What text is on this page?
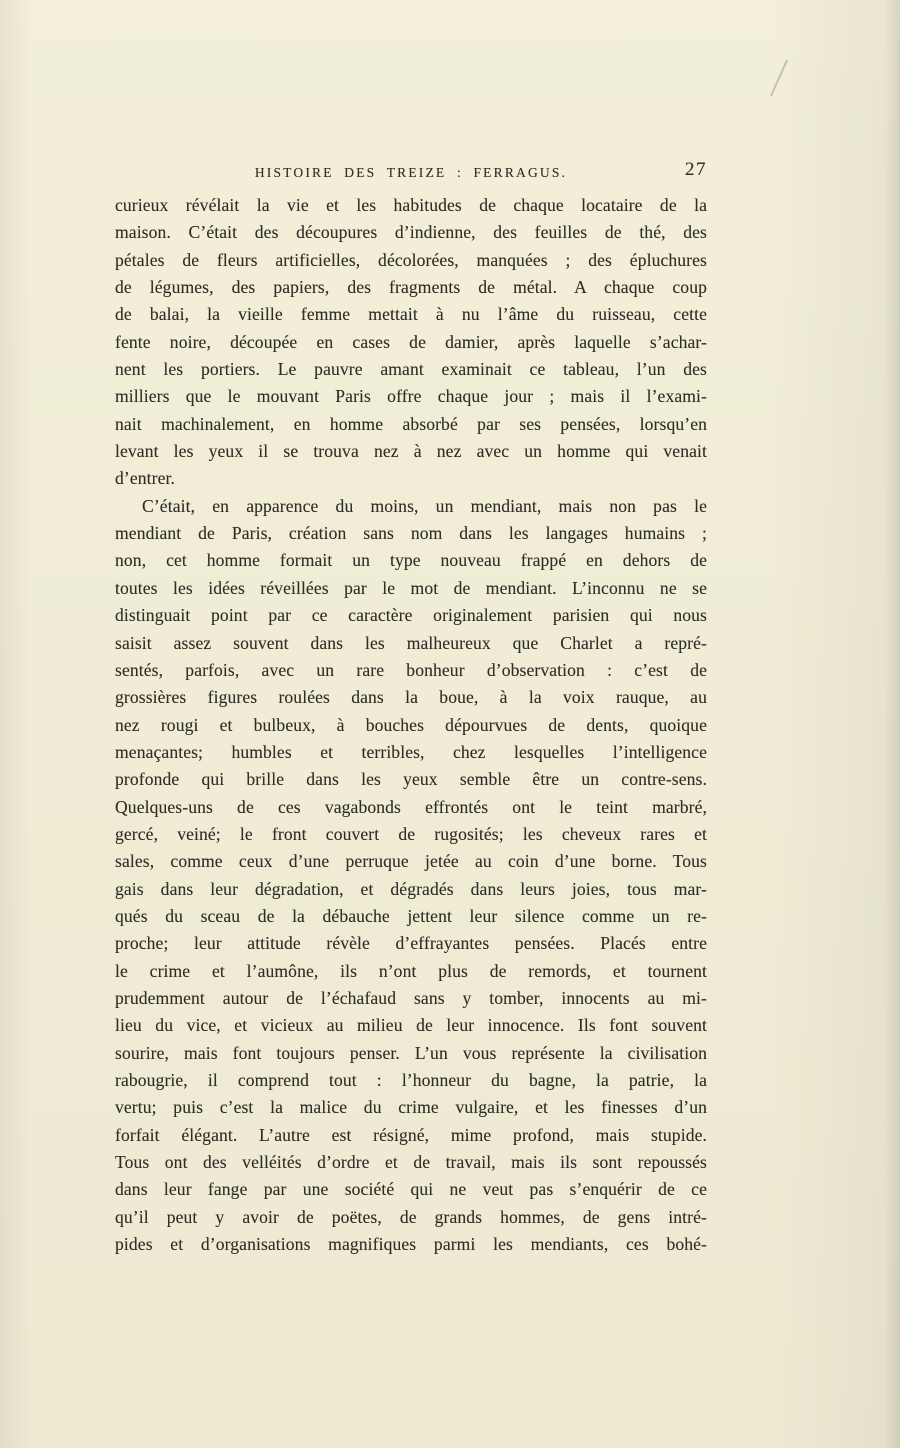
HISTOIRE DES TREIZE : FERRAGUS.	27
curieux révélait la vie et les habitudes de chaque locataire de la
maison. C’était des découpures d’indienne, des feuilles de thé, des
pétales de fleurs artificielles, décolorées, manquées ; des épluchures
de légumes, des papiers, des fragments de métal. A chaque coup
de balai, la vieille femme mettait à nu l’âme du ruisseau, cette
fente noire, découpée en cases de damier, après laquelle s’achar-
nent les portiers. Le pauvre amant examinait ce tableau, l’un des
milliers que le mouvant Paris offre chaque jour ; mais il l’exami-
nait machinalement, en homme absorbé par ses pensées, lorsqu’en
levant les yeux il se trouva nez à nez avec un homme qui venait
d’entrer.
C’était, en apparence du moins, un mendiant, mais non pas le
mendiant de Paris, création sans nom dans les langages humains ;
non, cet homme formait un type nouveau frappé en dehors de
toutes les idées réveillées par le mot de mendiant. L’inconnu ne se
distinguait point par ce caractère originalement parisien qui nous
saisit assez souvent dans les malheureux que Charlet a repré-
sentés, parfois, avec un rare bonheur d’observation : c’est de
grossières figures roulées dans la boue, à la voix rauque, au
nez rougi et bulbeux, à bouches dépourvues de dents, quoique
menaçantes; humbles et terribles, chez lesquelles l’intelligence
profonde qui brille dans les yeux semble être un contre-sens.
Quelques-uns de ces vagabonds effrontés ont le teint marbré,
gercé, veiné; le front couvert de rugosités; les cheveux rares et
sales, comme ceux d’une perruque jetée au coin d’une borne. Tous
gais dans leur dégradation, et dégradés dans leurs joies, tous mar-
qués du sceau de la débauche jettent leur silence comme un re-
proche; leur attitude révèle d’effrayantes pensées. Placés entre
le crime et l’aumône, ils n’ont plus de remords, et tournent
prudemment autour de l’échafaud sans y tomber, innocents au mi-
lieu du vice, et vicieux au milieu de leur innocence. Ils font souvent
sourire, mais font toujours penser. L’un vous représente la civilisation
rabougrie, il comprend tout : l’honneur du bagne, la patrie, la
vertu; puis c’est la malice du crime vulgaire, et les finesses d’un
forfait élégant. L’autre est résigné, mime profond, mais stupide.
Tous ont des velléités d’ordre et de travail, mais ils sont repoussés
dans leur fange par une société qui ne veut pas s’enquérir de ce
qu’il peut y avoir de poëtes, de grands hommes, de gens intré-
pides et d’organisations magnifiques parmi les mendiants, ces bohé-
